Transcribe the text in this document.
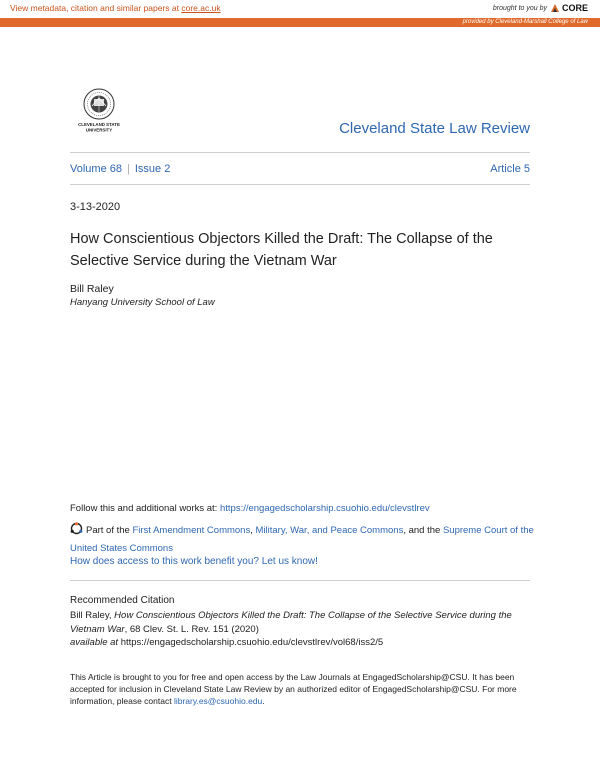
View metadata, citation and similar papers at core.ac.uk	brought to you by CORE
provided by Cleveland-Marshall College of Law
CLEVELAND STATE
UNIVERSITY	Cleveland State Law Review
Volume 68 | Issue 2	Article 5
3-13-2020
How Conscientious Objectors Killed the Draft: The Collapse of the Selective Service during the Vietnam War
Bill Raley
Hanyang University School of Law
Follow this and additional works at: https://engagedscholarship.csuohio.edu/clevstlrev
Part of the First Amendment Commons, Military, War, and Peace Commons, and the Supreme Court of the United States Commons
How does access to this work benefit you? Let us know!
Recommended Citation
Bill Raley, How Conscientious Objectors Killed the Draft: The Collapse of the Selective Service during the Vietnam War, 68 Clev. St. L. Rev. 151 (2020)
available at https://engagedscholarship.csuohio.edu/clevstlrev/vol68/iss2/5
This Article is brought to you for free and open access by the Law Journals at EngagedScholarship@CSU. It has been accepted for inclusion in Cleveland State Law Review by an authorized editor of EngagedScholarship@CSU. For more information, please contact library.es@csuohio.edu.
